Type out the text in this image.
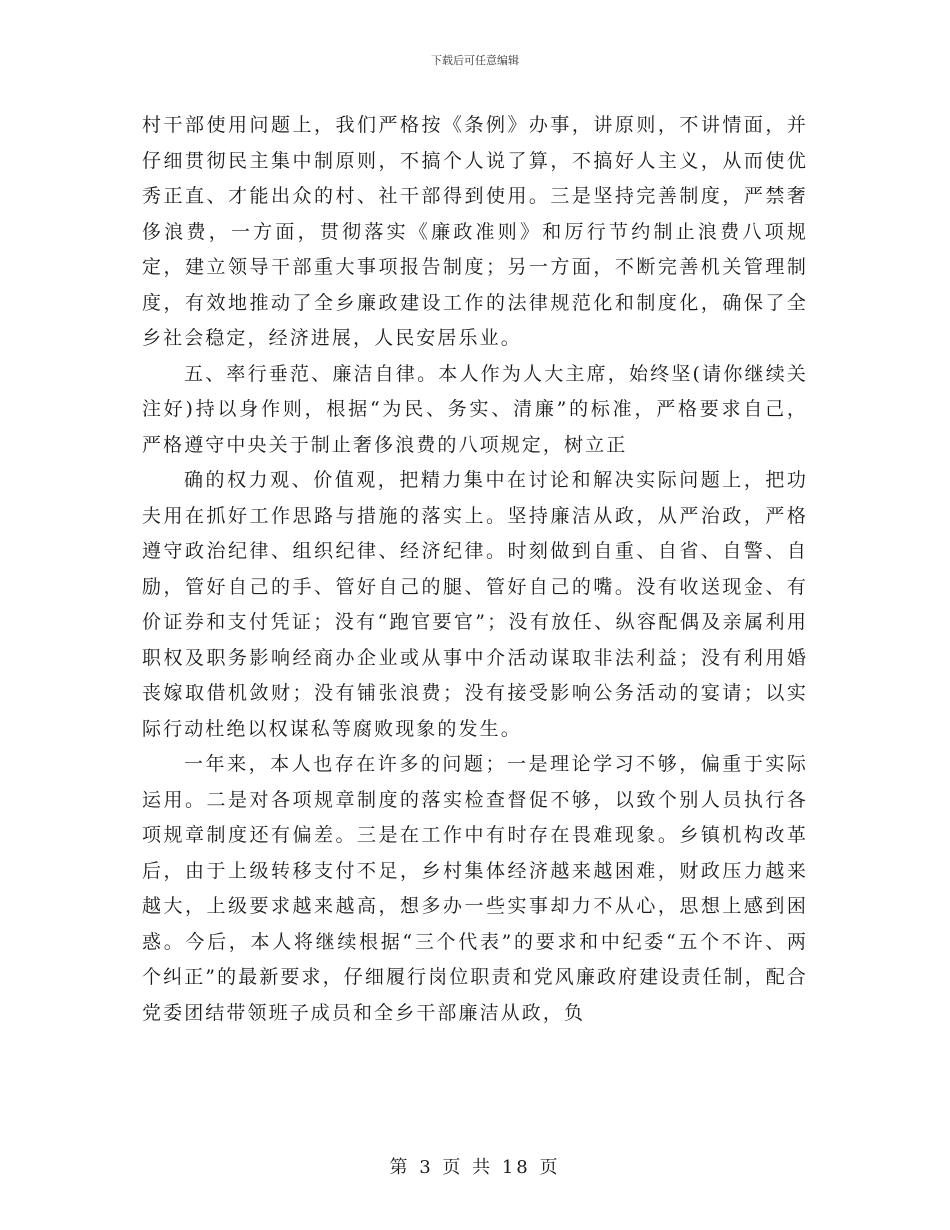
下载后可任意编辑

村干部使用问题上，我们严格按《条例》办事，讲原则，不讲情面，并仔细贯彻民主集中制原则，不搞个人说了算，不搞好人主义，从而使优秀正直、才能出众的村、社干部得到使用。三是坚持完善制度，严禁奢侈浪费，一方面，贯彻落实《廉政准则》和厉行节约制止浪费八项规定，建立领导干部重大事项报告制度；另一方面，不断完善机关管理制度，有效地推动了全乡廉政建设工作的法律规范化和制度化，确保了全乡社会稳定，经济进展，人民安居乐业。

五、率行垂范、廉洁自律。本人作为人大主席，始终坚(请你继续关注好)持以身作则，根据“为民、务实、清廉”的标准，严格要求自己，严格遵守中央关于制止奢侈浪费的八项规定，树立正

确的权力观、价值观，把精力集中在讨论和解决实际问题上，把功夫用在抓好工作思路与措施的落实上。坚持廉洁从政，从严治政，严格遵守政治纪律、组织纪律、经济纪律。时刻做到自重、自省、自警、自励，管好自己的手、管好自己的腿、管好自己的嘴。没有收送现金、有价证券和支付凭证；没有“跑官要官”；没有放任、纵容配偶及亲属利用职权及职务影响经商办企业或从事中介活动谋取非法利益；没有利用婚丧嫁取借机敛财；没有铺张浪费；没有接受影响公务活动的宴请；以实际行动杜绝以权谋私等腐败现象的发生。

一年来，本人也存在许多的问题；一是理论学习不够，偏重于实际运用。二是对各项规章制度的落实检查督促不够，以致个别人员执行各项规章制度还有偏差。三是在工作中有时存在畏难现象。乡镇机构改革后，由于上级转移支付不足，乡村集体经济越来越困难，财政压力越来越大，上级要求越来越高，想多办一些实事却力不从心，思想上感到困惑。今后，本人将继续根据“三个代表”的要求和中纪委“五个不许、两个纠正”的最新要求，仔细履行岗位职责和党风廉政府建设责任制，配合党委团结带领班子成员和全乡干部廉洁从政，负

第 3 页 共 18 页
